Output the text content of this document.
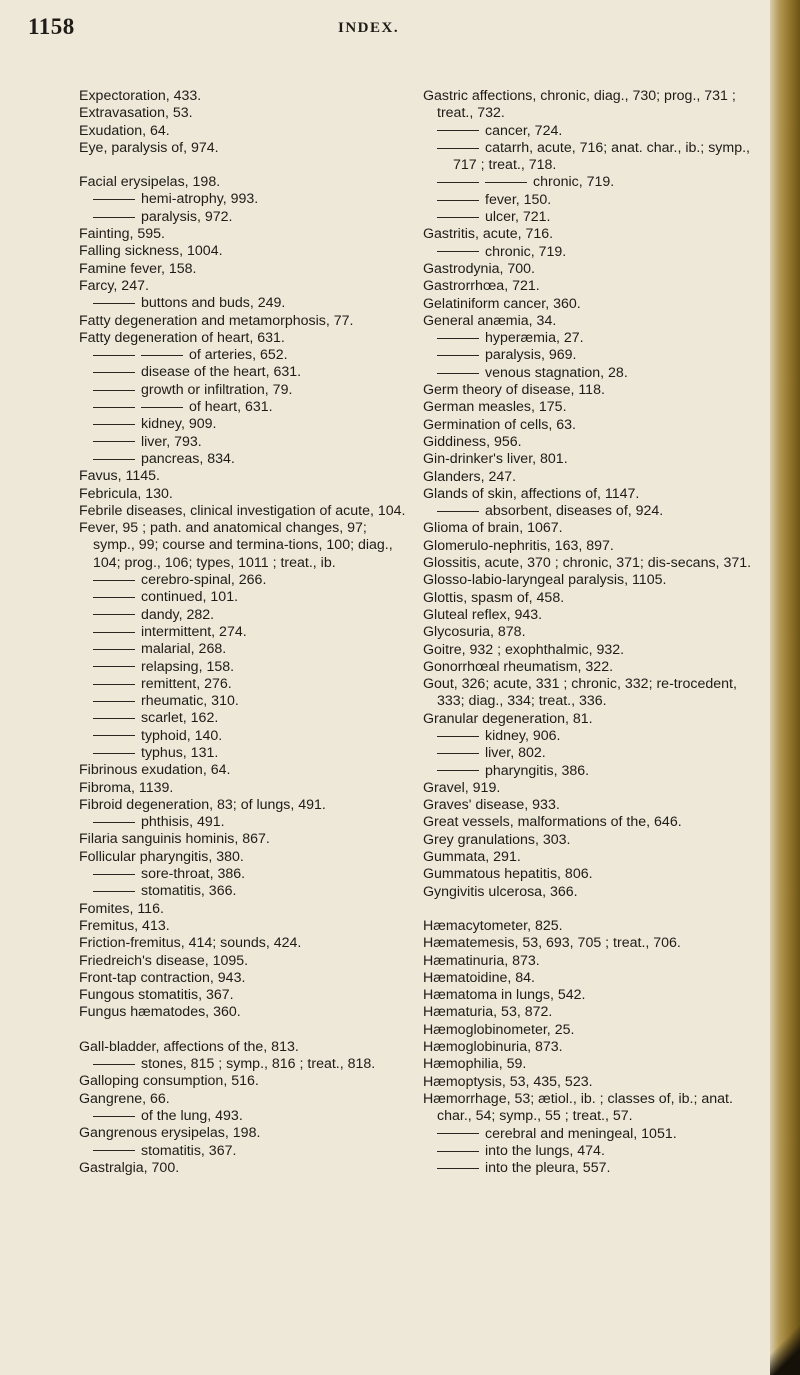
1158	INDEX.
Expectoration, 433.
Extravasation, 53.
Exudation, 64.
Eye, paralysis of, 974.
Facial erysipelas, 198.
hemi-atrophy, 993.
paralysis, 972.
Fainting, 595.
Falling sickness, 1004.
Famine fever, 158.
Farcy, 247.
buttons and buds, 249.
Fatty degeneration and metamorphosis, 77.
Fatty degeneration of heart, 631.
of arteries, 652.
disease of the heart, 631.
growth or infiltration, 79.
of heart, 631.
kidney, 909.
liver, 793.
pancreas, 834.
Favus, 1145.
Febricula, 130.
Febrile diseases, clinical investigation of acute, 104.
Fever, 95 ; path. and anatomical changes, 97; symp., 99; course and termina-tions, 100; diag., 104; prog., 106; types, 1011 ; treat., ib.
cerebro-spinal, 266.
continued, 101.
dandy, 282.
intermittent, 274.
malarial, 268.
relapsing, 158.
remittent, 276.
rheumatic, 310.
scarlet, 162.
typhoid, 140.
typhus, 131.
Fibrinous exudation, 64.
Fibroma, 1139.
Fibroid degeneration, 83; of lungs, 491.
phthisis, 491.
Filaria sanguinis hominis, 867.
Follicular pharyngitis, 380.
sore-throat, 386.
stomatitis, 366.
Fomites, 116.
Fremitus, 413.
Friction-fremitus, 414; sounds, 424.
Friedreich's disease, 1095.
Front-tap contraction, 943.
Fungous stomatitis, 367.
Fungus hæmatodes, 360.
Gall-bladder, affections of the, 813.
stones, 815 ; symp., 816 ; treat., 818.
Galloping consumption, 516.
Gangrene, 66.
of the lung, 493.
Gangrenous erysipelas, 198.
stomatitis, 367.
Gastralgia, 700.
Gastric affections, chronic, diag., 730; prog., 731 ; treat., 732.
cancer, 724.
catarrh, acute, 716; anat. char., ib.; symp., 717 ; treat., 718.
chronic, 719.
fever, 150.
ulcer, 721.
Gastritis, acute, 716.
chronic, 719.
Gastrodynia, 700.
Gastrorrhœa, 721.
Gelatiniform cancer, 360.
General anæmia, 34.
hyperæmia, 27.
paralysis, 969.
venous stagnation, 28.
Germ theory of disease, 118.
German measles, 175.
Germination of cells, 63.
Giddiness, 956.
Gin-drinker's liver, 801.
Glanders, 247.
Glands of skin, affections of, 1147.
absorbent, diseases of, 924.
Glioma of brain, 1067.
Glomerulo-nephritis, 163, 897.
Glossitis, acute, 370 ; chronic, 371; dis-secans, 371.
Glosso-labio-laryngeal paralysis, 1105.
Glottis, spasm of, 458.
Gluteal reflex, 943.
Glycosuria, 878.
Goitre, 932 ; exophthalmic, 932.
Gonorrhœal rheumatism, 322.
Gout, 326; acute, 331 ; chronic, 332; re-trocedent, 333; diag., 334; treat., 336.
Granular degeneration, 81.
kidney, 906.
liver, 802.
pharyngitis, 386.
Gravel, 919.
Graves' disease, 933.
Great vessels, malformations of the, 646.
Grey granulations, 303.
Gummata, 291.
Gummatous hepatitis, 806.
Gyngivitis ulcerosa, 366.
Hæmacytometer, 825.
Hæmatemesis, 53, 693, 705 ; treat., 706.
Hæmatinuria, 873.
Hæmatoidine, 84.
Hæmatoma in lungs, 542.
Hæmaturia, 53, 872.
Hæmoglobinometer, 25.
Hæmoglobinuria, 873.
Hæmophilia, 59.
Hæmoptysis, 53, 435, 523.
Hæmorrhage, 53; ætiol., ib. ; classes of, ib.; anat. char., 54; symp., 55 ; treat., 57.
cerebral and meningeal, 1051.
into the lungs, 474.
into the pleura, 557.
